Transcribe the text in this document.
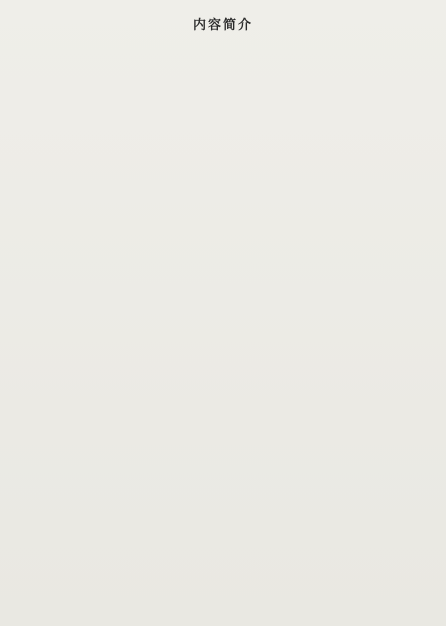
内容简介
